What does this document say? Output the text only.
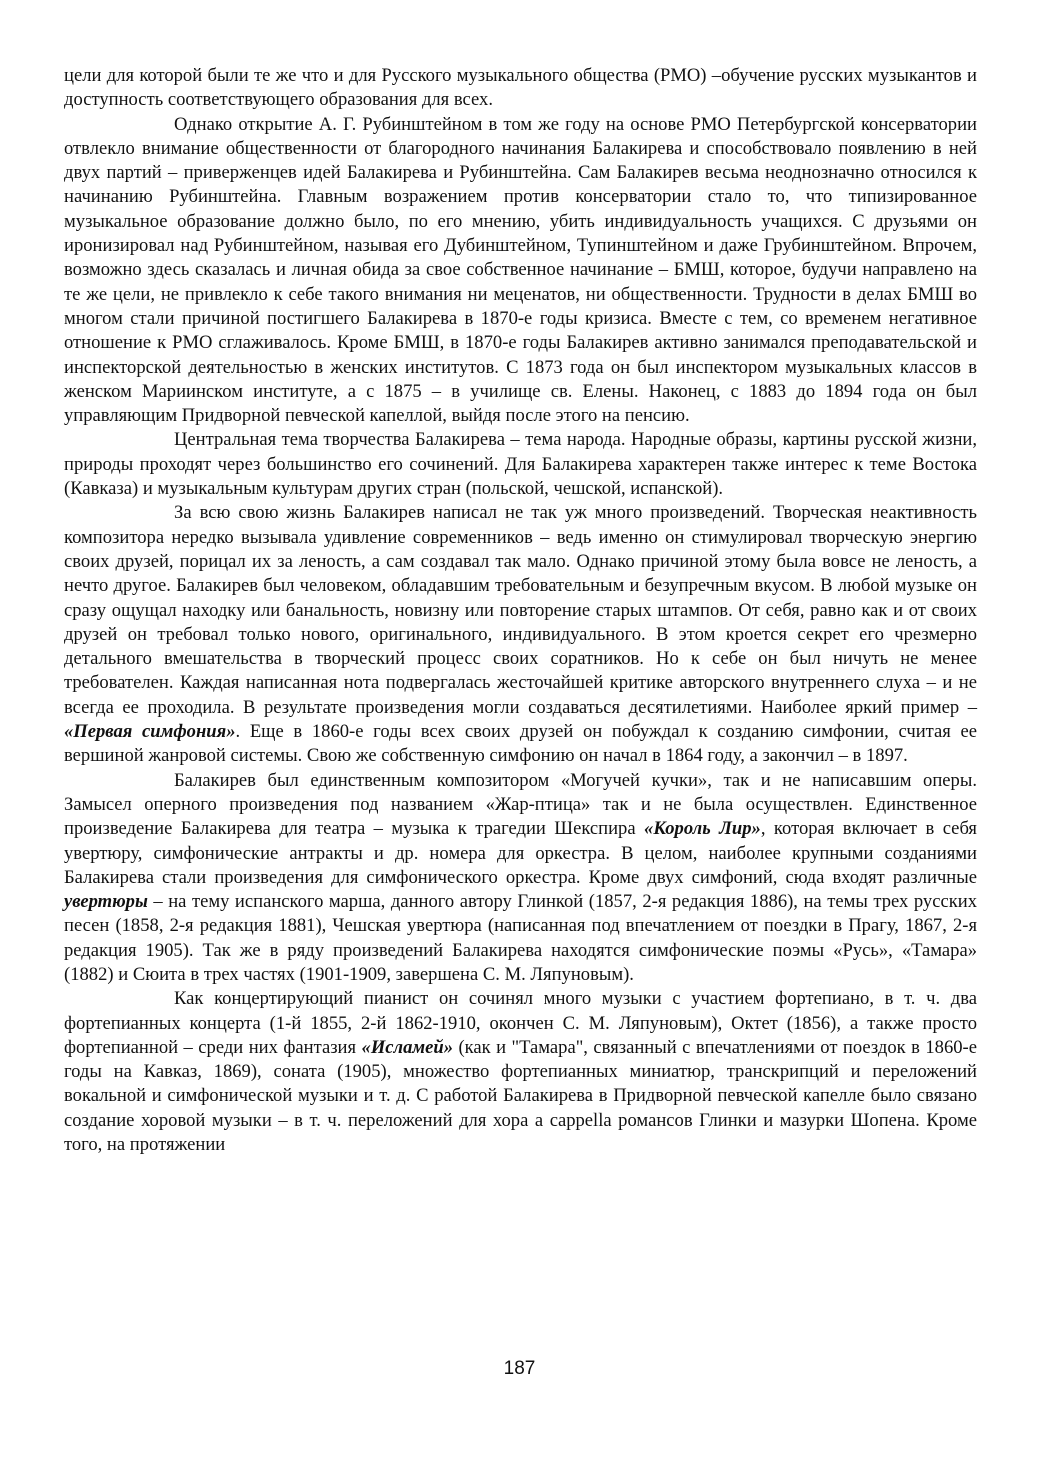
цели для которой были те же что и для Русского музыкального общества (РМО) –обучение русских музыкантов и доступность соответствующего образования для всех.

Однако открытие А. Г. Рубинштейном в том же году на основе РМО Петербургской консерватории отвлекло внимание общественности от благородного начинания Балакирева и способствовало появлению в ней двух партий – приверженцев идей Балакирева и Рубинштейна. Сам Балакирев весьма неоднозначно относился к начинанию Рубинштейна. Главным возражением против консерватории стало то, что типизированное музыкальное образование должно было, по его мнению, убить индивидуальность учащихся. С друзьями он иронизировал над Рубинштейном, называя его Дубинштейном, Тупинштейном и даже Грубинштейном. Впрочем, возможно здесь сказалась и личная обида за свое собственное начинание – БМШ, которое, будучи направлено на те же цели, не привлекло к себе такого внимания ни меценатов, ни общественности. Трудности в делах БМШ во многом стали причиной постигшего Балакирева в 1870-е годы кризиса. Вместе с тем, со временем негативное отношение к РМО сглаживалось. Кроме БМШ, в 1870-е годы Балакирев активно занимался преподавательской и инспекторской деятельностью в женских институтов. С 1873 года он был инспектором музыкальных классов в женском Мариинском институте, а с 1875 – в училище св. Елены. Наконец, с 1883 до 1894 года он был управляющим Придворной певческой капеллой, выйдя после этого на пенсию.

Центральная тема творчества Балакирева – тема народа. Народные образы, картины русской жизни, природы проходят через большинство его сочинений. Для Балакирева характерен также интерес к теме Востока (Кавказа) и музыкальным культурам других стран (польской, чешской, испанской).

За всю свою жизнь Балакирев написал не так уж много произведений. Творческая неактивность композитора нередко вызывала удивление современников – ведь именно он стимулировал творческую энергию своих друзей, порицал их за леность, а сам создавал так мало. Однако причиной этому была вовсе не леность, а нечто другое. Балакирев был человеком, обладавшим требовательным и безупречным вкусом. В любой музыке он сразу ощущал находку или банальность, новизну или повторение старых штампов. От себя, равно как и от своих друзей он требовал только нового, оригинального, индивидуального. В этом кроется секрет его чрезмерно детального вмешательства в творческий процесс своих соратников. Но к себе он был ничуть не менее требователен. Каждая написанная нота подвергалась жесточайшей критике авторского внутреннего слуха – и не всегда ее проходила. В результате произведения могли создаваться десятилетиями. Наиболее яркий пример – «Первая симфония». Еще в 1860-е годы всех своих друзей он побуждал к созданию симфонии, считая ее вершиной жанровой системы. Свою же собственную симфонию он начал в 1864 году, а закончил – в 1897.

Балакирев был единственным композитором «Могучей кучки», так и не написавшим оперы. Замысел оперного произведения под названием «Жар-птица» так и не была осуществлен. Единственное произведение Балакирева для театра – музыка к трагедии Шекспира «Король Лир», которая включает в себя увертюру, симфонические антракты и др. номера для оркестра. В целом, наиболее крупными созданиями Балакирева стали произведения для симфонического оркестра. Кроме двух симфоний, сюда входят различные увертюры – на тему испанского марша, данного автору Глинкой (1857, 2-я редакция 1886), на темы трех русских песен (1858, 2-я редакция 1881), Чешская увертюра (написанная под впечатлением от поездки в Прагу, 1867, 2-я редакция 1905). Так же в ряду произведений Балакирева находятся симфонические поэмы «Русь», «Тамара» (1882) и Сюита в трех частях (1901-1909, завершена С. М. Ляпуновым).

Как концертирующий пианист он сочинял много музыки с участием фортепиано, в т. ч. два фортепианных концерта (1-й 1855, 2-й 1862-1910, окончен С. М. Ляпуновым), Октет (1856), а также просто фортепианной – среди них фантазия «Исламей» (как и "Тамара", связанный с впечатлениями от поездок в 1860-е годы на Кавказ, 1869), соната (1905), множество фортепианных миниатюр, транскрипций и переложений вокальной и симфонической музыки и т. д. С работой Балакирева в Придворной певческой капелле было связано создание хоровой музыки – в т. ч. переложений для хора a cappella романсов Глинки и мазурки Шопена. Кроме того, на протяжении

187
